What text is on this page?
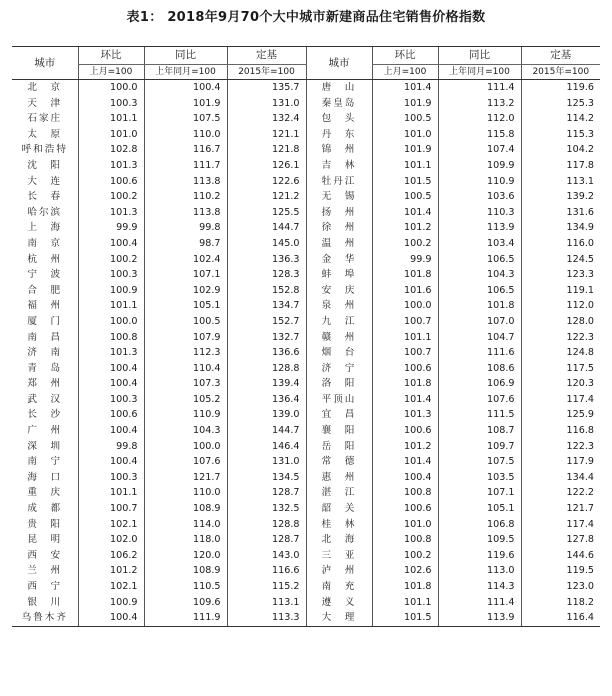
表1： 2018年9月70个大中城市新建商品住宅销售价格指数
城市	环比	同比	定基	城市	环比	同比	定基
	上月=100	上年同月=100	2015年=100		上月=100	上年同月=100	2015年=100
北　京	100.0	100.4	135.7	唐　山	101.4	111.4	119.6
天　津	100.3	101.9	131.0	秦皇岛	101.9	113.2	125.3
石家庄	101.1	107.5	132.4	包　头	100.5	112.0	114.2
太　原	101.0	110.0	121.1	丹　东	101.0	115.8	115.3
呼和浩特	102.8	116.7	121.8	锦　州	101.9	107.4	104.2
沈　阳	101.3	111.7	126.1	吉　林	101.1	109.9	117.8
大　连	100.6	113.8	122.6	牡丹江	101.5	110.9	113.1
长　春	100.2	110.2	121.2	无　锡	100.5	103.6	139.2
哈尔滨	101.3	113.8	125.5	扬　州	101.4	110.3	131.6
上　海	99.9	99.8	144.7	徐　州	101.2	113.9	134.9
南　京	100.4	98.7	145.0	温　州	100.2	103.4	116.0
杭　州	100.2	102.4	136.3	金　华	99.9	106.5	124.5
宁　波	100.3	107.1	128.3	蚌　埠	101.8	104.3	123.3
合　肥	100.9	102.9	152.8	安　庆	101.6	106.5	119.1
福　州	101.1	105.1	134.7	泉　州	100.0	101.8	112.0
厦　门	100.0	100.5	152.7	九　江	100.7	107.0	128.0
南　昌	100.8	107.9	132.7	赣　州	101.1	104.7	122.3
济　南	101.3	112.3	136.6	烟　台	100.7	111.6	124.8
青　岛	100.4	110.4	128.8	济　宁	100.6	108.6	117.5
郑　州	100.4	107.3	139.4	洛　阳	101.8	106.9	120.3
武　汉	100.3	105.2	136.4	平顶山	101.4	107.6	117.4
长　沙	100.6	110.9	139.0	宜　昌	101.3	111.5	125.9
广　州	100.4	104.3	144.7	襄　阳	100.6	108.7	116.8
深　圳	99.8	100.0	146.4	岳　阳	101.2	109.7	122.3
南　宁	100.4	107.6	131.0	常　德	101.4	107.5	117.9
海　口	100.3	121.7	134.5	惠　州	100.4	103.5	134.4
重　庆	101.1	110.0	128.7	湛　江	100.8	107.1	122.2
成　都	100.7	108.9	132.5	韶　关	100.6	105.1	121.7
贵　阳	102.1	114.0	128.8	桂　林	101.0	106.8	117.4
昆　明	102.0	118.0	128.7	北　海	100.8	109.5	127.8
西　安	106.2	120.0	143.0	三　亚	100.2	119.6	144.6
兰　州	101.2	108.9	116.6	泸　州	102.6	113.0	119.5
西　宁	102.1	110.5	115.2	南　充	101.8	114.3	123.0
银　川	100.9	109.6	113.1	遵　义	101.1	111.4	118.2
乌鲁木齐	100.4	111.9	113.3	大　理	101.5	113.9	116.4
